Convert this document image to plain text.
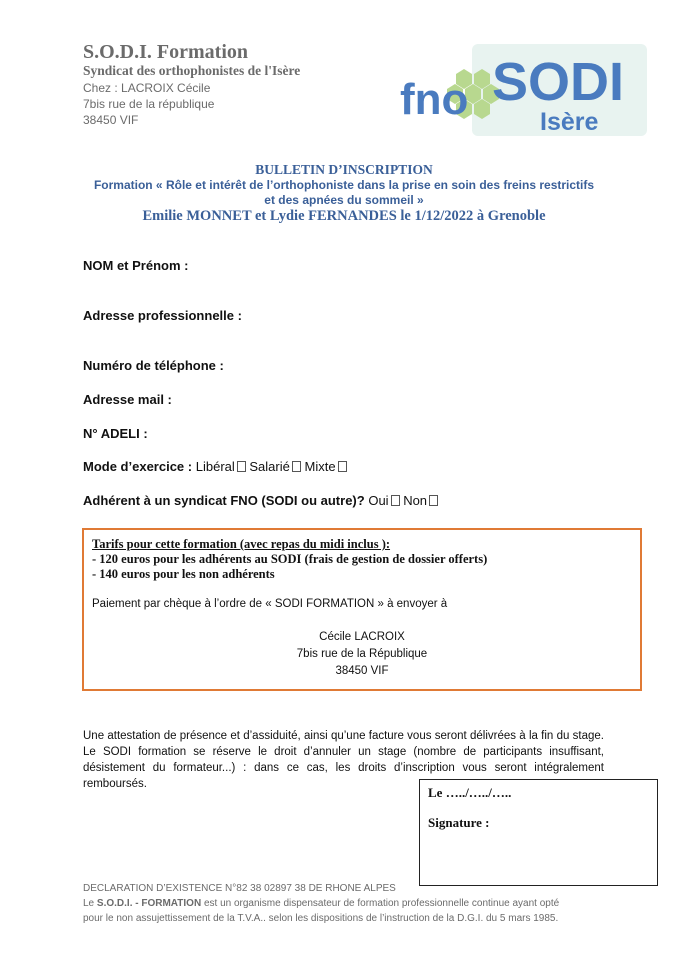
S.O.D.I. Formation
Syndicat des orthophonistes de l'Isère
Chez : LACROIX Cécile
7bis rue de la république
38450 VIF	fno SODI
Isère
BULLETIN D’INSCRIPTION
Formation « Rôle et intérêt de l’orthophoniste dans la prise en soin des freins restrictifs et des apnées du sommeil »
Emilie MONNET et Lydie FERNANDES le 1/12/2022 à Grenoble
NOM et Prénom :
Adresse professionnelle :
Numéro de téléphone :
Adresse mail :
N° ADELI :
Mode d’exercice : Libéral Salarié Mixte
Adhérent à un syndicat FNO (SODI ou autre)? Oui Non
Tarifs pour cette formation (avec repas du midi inclus ):
- 120 euros pour les adhérents au SODI (frais de gestion de dossier offerts)
- 140 euros pour les non adhérents
Paiement par chèque à l’ordre de « SODI FORMATION » à envoyer à
Cécile LACROIX
7bis rue de la République
38450 VIF
Une attestation de présence et d’assiduité, ainsi qu’une facture vous seront délivrées à la fin du stage. Le SODI formation se réserve le droit d’annuler un stage (nombre de participants insuffisant, désistement du formateur...) : dans ce cas, les droits d’inscription vous seront intégralement remboursés.
Le …../…../…..
Signature :
DECLARATION D’EXISTENCE N°82 38 02897 38 DE RHONE ALPES
Le S.O.D.I. - FORMATION est un organisme dispensateur de formation professionnelle continue ayant opté
pour le non assujettissement de la T.V.A.. selon les dispositions de l’instruction de la D.G.I. du 5 mars 1985.
